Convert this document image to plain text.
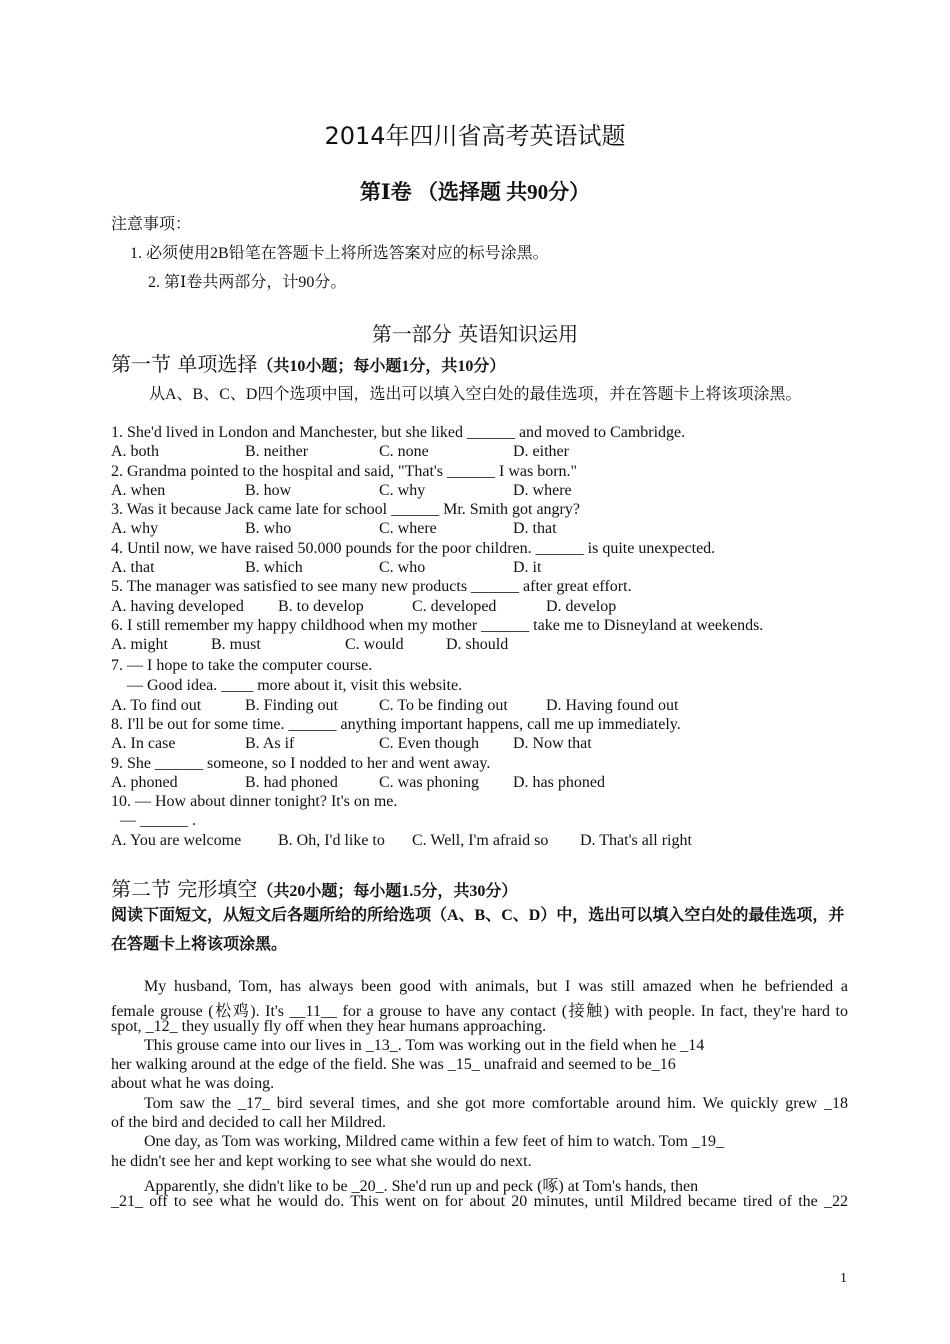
2014年四川省高考英语试题
第Ⅰ卷 （选择题 共90分）
注意事项：
1. 必须使用2B铅笔在答题卡上将所选答案对应的标号涂黑。
2. 第Ⅰ卷共两部分，计90分。
第一部分 英语知识运用
第一节 单项选择（共10小题；每小题1分，共10分）
从A、B、C、D四个选项中国，选出可以填入空白处的最佳选项，并在答题卡上将该项涂黑。
1. She'd lived in London and Manchester, but she liked ______ and moved to Cambridge.
A. both	B. neither	C. none	D. either
2. Grandma pointed to the hospital and said, "That's ______ I was born."
A. when	B. how	C. why	D. where
3. Was it because Jack came late for school ______ Mr. Smith got angry?
A. why	B. who	C. where	D. that
4. Until now, we have raised 50.000 pounds for the poor children. ______ is quite unexpected.
A. that	B. which	C. who	D. it
5. The manager was satisfied to see many new products ______ after great effort.
A. having developed B. to develop	C. developed	D. develop
6. I still remember my happy childhood when my mother ______ take me to Disneyland at weekends.
A. might	B. must	C. would	D. should
7. — I hope to take the computer course.
— Good idea. ____ more about it, visit this website.
A. To find out	B. Finding out	C. To be finding out D. Having found out
8. I'll be out for some time. ______ anything important happens, call me up immediately.
A. In case	B. As if	C. Even though D. Now that
9. She ______ someone, so I nodded to her and went away.
A. phoned	B. had phoned	C. was phoning D. has phoned
10. — How about dinner tonight? It's on me.
— ______ .
A. You are welcome B. Oh, I'd like to C. Well, I'm afraid so D. That's all right
第二节 完形填空（共20小题；每小题1.5分，共30分）
阅读下面短文，从短文后各题所给的所给选项（A、B、C、D）中，选出可以填入空白处的最佳选项，并在答题卡上将该项涂黑。
My husband, Tom, has always been good with animals, but I was still amazed when he befriended a
female grouse (松鸡). It's __11__ for a grouse to have any contact (接触) with people. In fact, they're hard to
spot, _12_ they usually fly off when they hear humans approaching.
This grouse came into our lives in _13_. Tom was working out in the field when he _14
her walking around at the edge of the field. She was _15_ unafraid and seemed to be_16
about what he was doing.
Tom saw the _17_ bird several times, and she got more comfortable around him. We quickly grew _18
of the bird and decided to call her Mildred.
One day, as Tom was working, Mildred came within a few feet of him to watch. Tom _19_
he didn't see her and kept working to see what she would do next.
Apparently, she didn't like to be _20_. She'd run up and peck (啄) at Tom's hands, then
_21_ off to see what he would do. This went on for about 20 minutes, until Mildred became tired of the _22
1
